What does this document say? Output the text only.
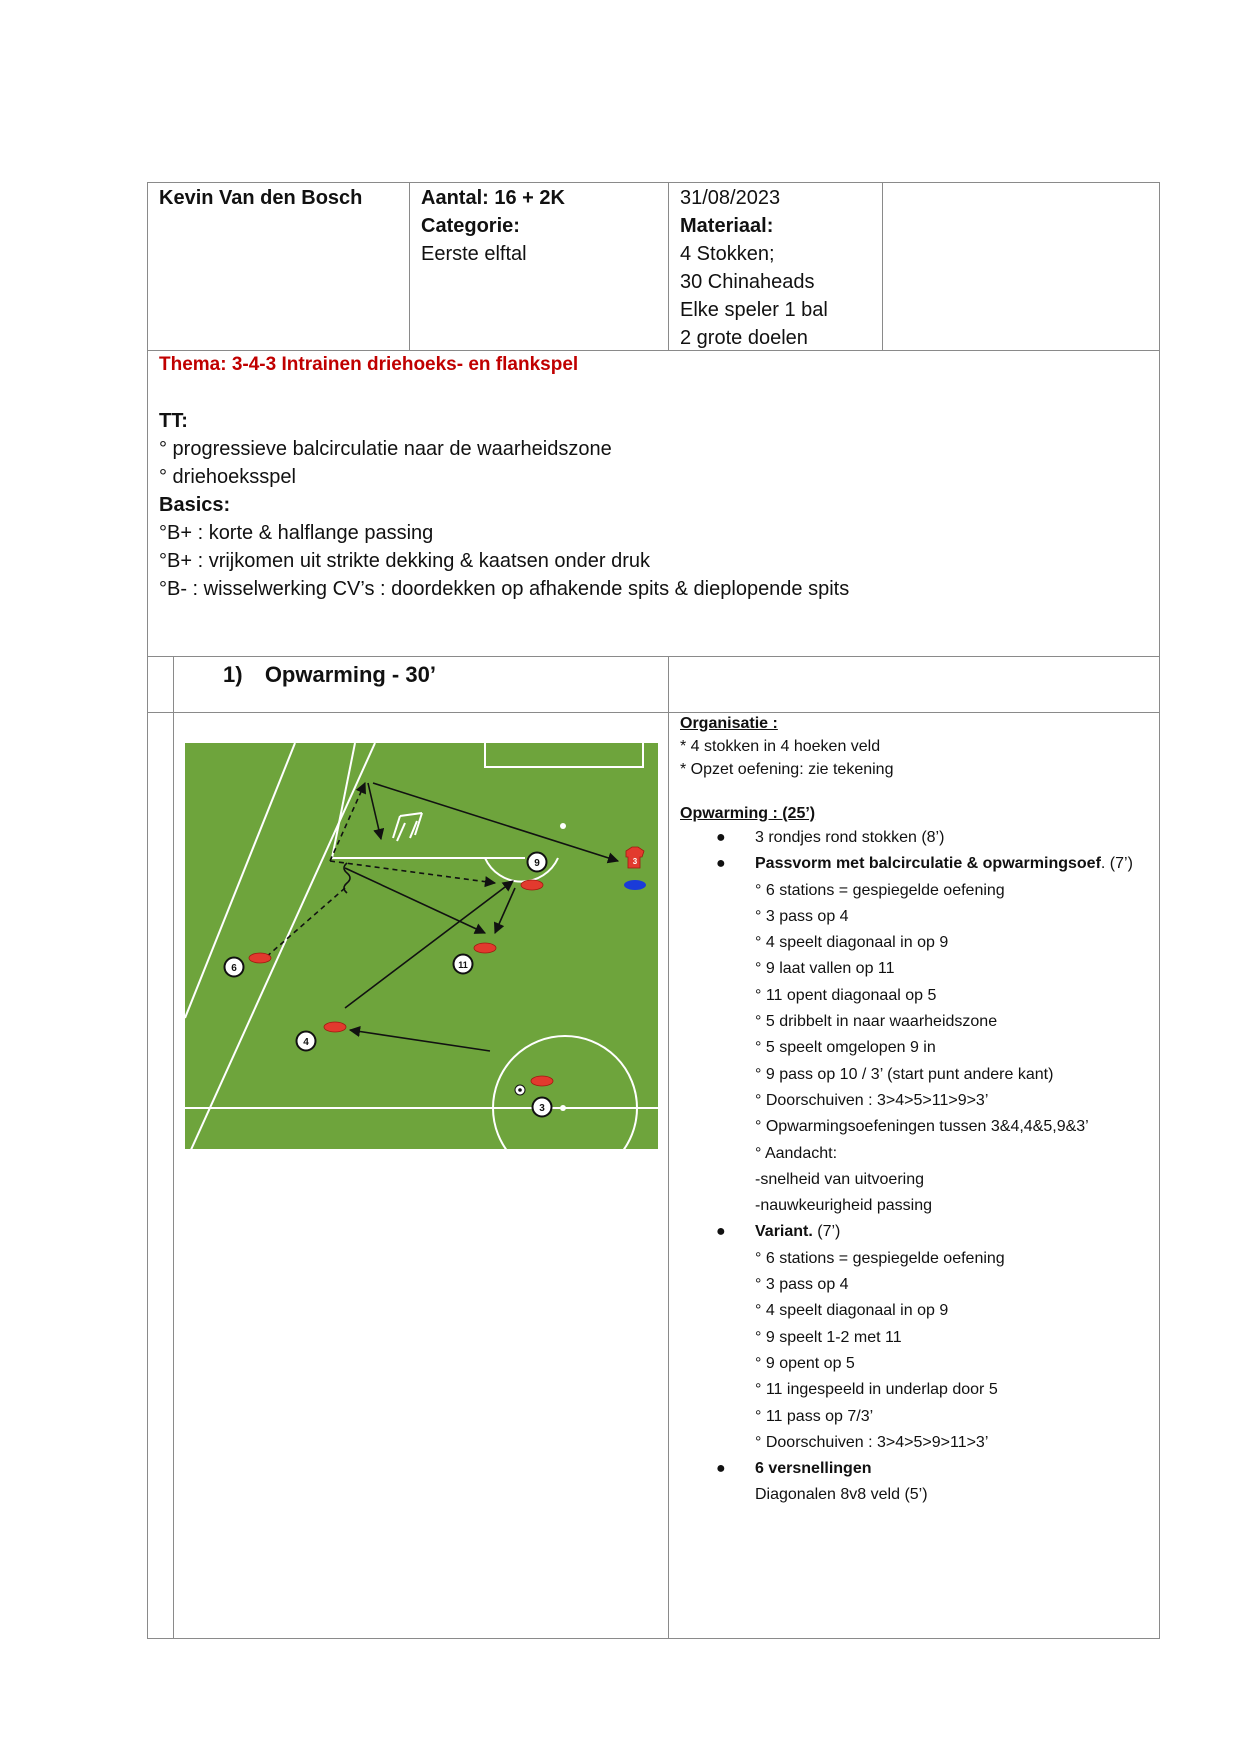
Kevin Van den Bosch	Aantal: 16 + 2K
Categorie:
Eerste elftal
31/08/2023
Materiaal:
4 Stokken;
30 Chinaheads
Elke speler 1 bal
2 grote doelen
Thema: 3-4-3 Intrainen driehoeks- en flankspel
TT:
° progressieve balcirculatie naar de waarheidszone
° driehoeksspel
Basics:
°B+ : korte & halflange passing
°B+ : vrijkomen uit strikte dekking & kaatsen onder druk
°B- : wisselwerking CV’s : doordekken op afhakende spits & dieplopende spits
1) Opwarming - 30’
3
9
6	11
4
3
Organisatie :
* 4 stokken in 4 hoeken veld
* Opzet oefening: zie tekening
Opwarming : (25’)
● 3 rondjes rond stokken (8’)
● Passvorm met balcirculatie & opwarmingsoef. (7’)
° 6 stations = gespiegelde oefening
° 3 pass op 4
° 4 speelt diagonaal in op 9
° 9 laat vallen op 11
° 11 opent diagonaal op 5
° 5 dribbelt in naar waarheidszone
° 5 speelt omgelopen 9 in
° 9 pass op 10 / 3’ (start punt andere kant)
° Doorschuiven : 3>4>5>11>9>3’
° Opwarmingsoefeningen tussen 3&4,4&5,9&3’
° Aandacht:
-snelheid van uitvoering
-nauwkeurigheid passing
● Variant. (7’)
° 6 stations = gespiegelde oefening
° 3 pass op 4
° 4 speelt diagonaal in op 9
° 9 speelt 1-2 met 11
° 9 opent op 5
° 11 ingespeeld in underlap door 5
° 11 pass op 7/3’
° Doorschuiven : 3>4>5>9>11>3’
● 6 versnellingen
Diagonalen 8v8 veld (5’)
